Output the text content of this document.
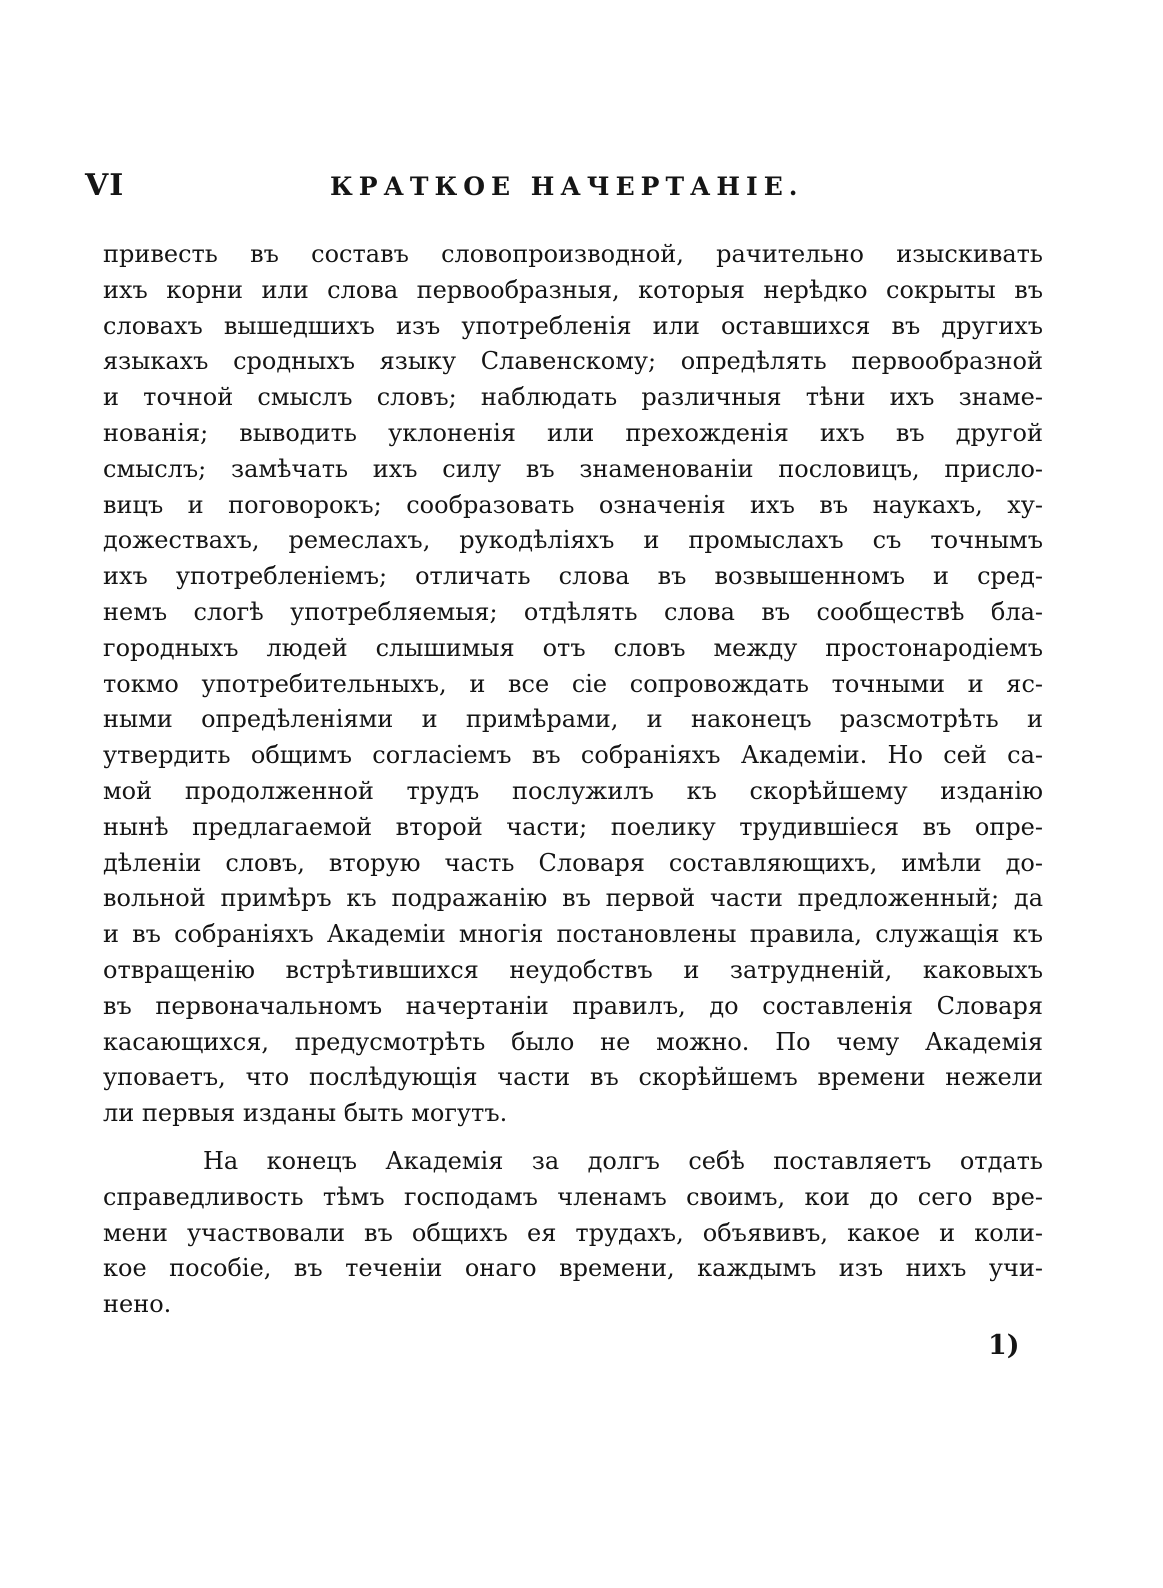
VI	КРАТКОЕ НАЧЕРТАНІЕ.
привесть въ составъ словопроизводной, рачительно изыскивать
ихъ корни или слова первообразныя, которыя нерѣдко сокрыты въ
словахъ вышедшихъ изъ употребленія или оставшихся въ другихъ
языкахъ сродныхъ языку Славенскому; опредѣлять первообразной
и точной смыслъ словъ; наблюдать различныя тѣни ихъ знаме-
нованія; выводить уклоненія или прехожденія ихъ въ другой
смыслъ; замѣчать ихъ силу въ знаменованіи пословицъ, присло-
вицъ и поговорокъ; сообразовать означенія ихъ въ наукахъ, ху-
дожествахъ, ремеслахъ, рукодѣліяхъ и промыслахъ съ точнымъ
ихъ употребленіемъ; отличать слова въ возвышенномъ и сред-
немъ слогѣ употребляемыя; отдѣлять слова въ сообществѣ бла-
городныхъ людей слышимыя отъ словъ между простонародіемъ
токмо употребительныхъ, и все сіе сопровождать точными и яс-
ными опредѣленіями и примѣрами, и наконецъ разсмотрѣть и
утвердить общимъ согласіемъ въ собраніяхъ Академіи. Но сей са-
мой продолженной трудъ послужилъ къ скорѣйшему изданію
нынѣ предлагаемой второй части; поелику трудившіеся въ опре-
дѣленіи словъ, вторую часть Словаря составляющихъ, имѣли до-
вольной примѣръ къ подражанію въ первой части предложенный; да
и въ собраніяхъ Академіи многія постановлены правила, служащія къ
отвращенію встрѣтившихся неудобствъ и затрудненій, каковыхъ
въ первоначальномъ начертаніи правилъ, до составленія Словаря
касающихся, предусмотрѣть было не можно. По чему Академія
уповаетъ, что послѣдующія части въ скорѣйшемъ времени нежели
ли первыя изданы быть могутъ.
На конецъ Академія за долгъ себѣ поставляетъ отдать
справедливость тѣмъ господамъ членамъ своимъ, кои до сего вре-
мени участвовали въ общихъ ея трудахъ, объявивъ, какое и коли-
кое пособіе, въ теченіи онаго времени, каждымъ изъ нихъ учи-
нено.
1)
